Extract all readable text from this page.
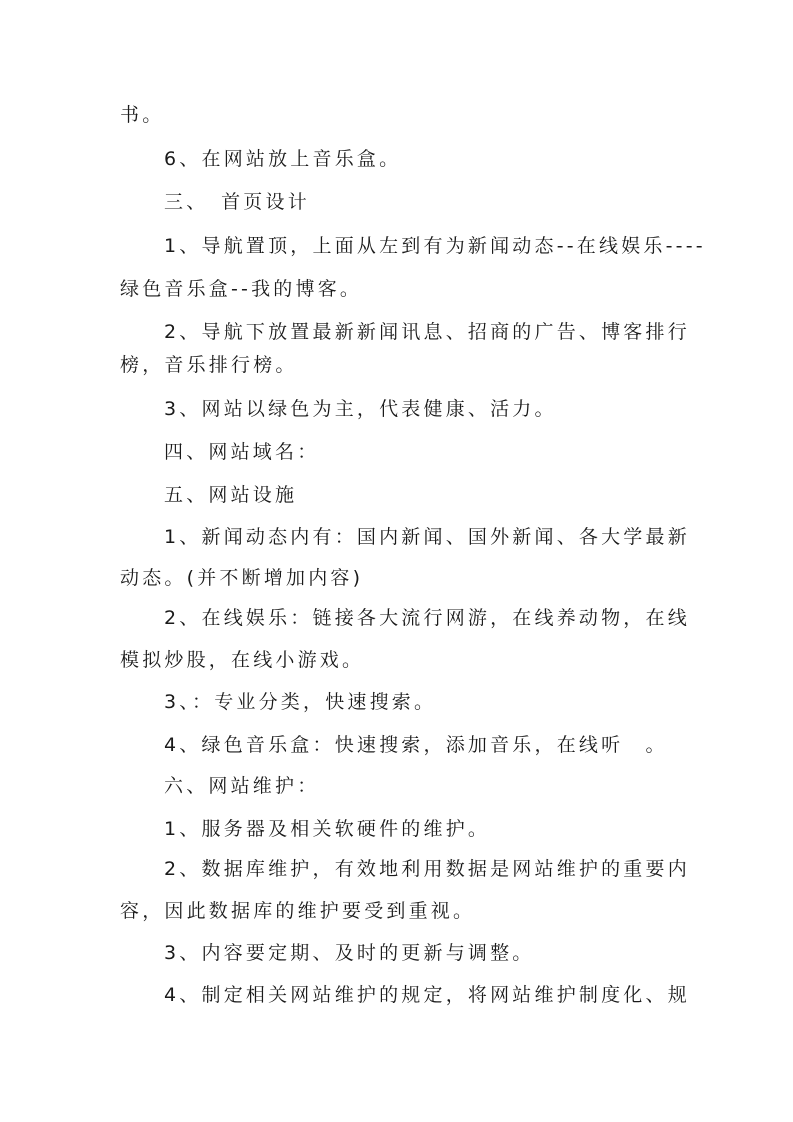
书。
6、在网站放上音乐盒。
三、　首页设计
1、导航置顶，上面从左到有为新闻动态--在线娱乐----
绿色音乐盒--我的博客。
2、导航下放置最新新闻讯息、招商的广告、博客排行
榜，音乐排行榜。
3、网站以绿色为主，代表健康、活力。
四、网站域名：
五、网站设施
1、新闻动态内有：国内新闻、国外新闻、各大学最新
动态。(并不断增加内容)
2、在线娱乐：链接各大流行网游，在线养动物，在线
模拟炒股，在线小游戏。
3、：专业分类，快速搜索。
4、绿色音乐盒：快速搜索，添加音乐，在线听　。
六、网站维护：
1、服务器及相关软硬件的维护。
2、数据库维护，有效地利用数据是网站维护的重要内
容，因此数据库的维护要受到重视。
3、内容要定期、及时的更新与调整。
4、制定相关网站维护的规定，将网站维护制度化、规
